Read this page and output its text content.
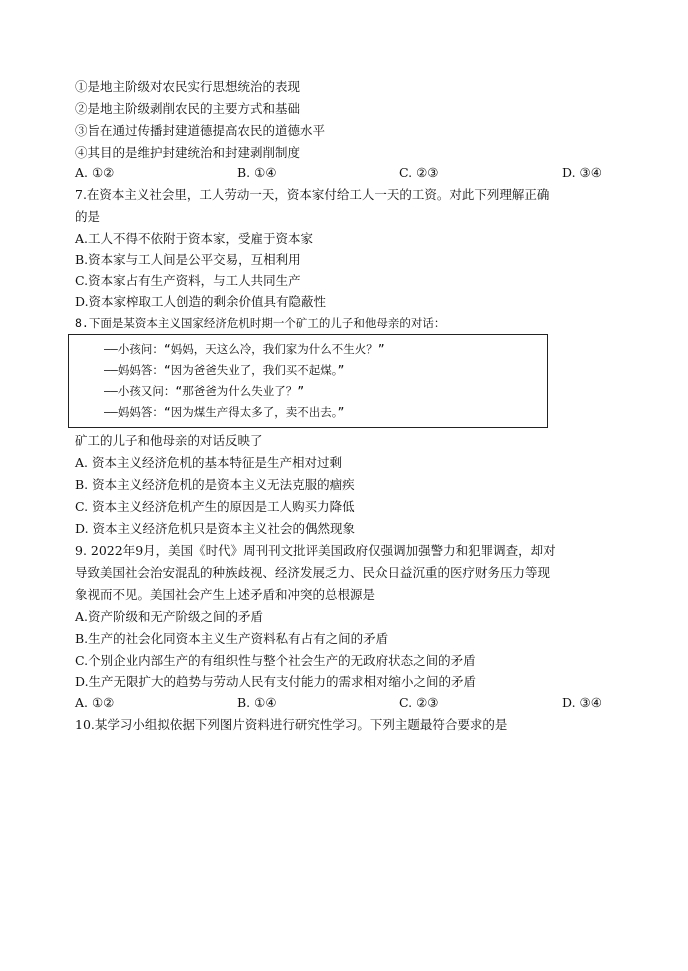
①是地主阶级对农民实行思想统治的表现
②是地主阶级剥削农民的主要方式和基础
③旨在通过传播封建道德提高农民的道德水平
④其目的是维护封建统治和封建剥削制度
A. ①②	B. ①④	C. ②③	D. ③④
7.在资本主义社会里，工人劳动一天，资本家付给工人一天的工资。对此下列理解正确
的是
A.工人不得不依附于资本家，受雇于资本家
B.资本家与工人间是公平交易，互相利用
C.资本家占有生产资料，与工人共同生产
D.资本家榨取工人创造的剩余价值具有隐蔽性
8.下面是某资本主义国家经济危机时期一个矿工的儿子和他母亲的对话：
——小孩问：“妈妈，天这么冷，我们家为什么不生火？”
——妈妈答：“因为爸爸失业了，我们买不起煤。”
——小孩又问：“那爸爸为什么失业了？”
——妈妈答：“因为煤生产得太多了，卖不出去。”
矿工的儿子和他母亲的对话反映了
A. 资本主义经济危机的基本特征是生产相对过剩
B. 资本主义经济危机的是资本主义无法克服的痼疾
C. 资本主义经济危机产生的原因是工人购买力降低
D. 资本主义经济危机只是资本主义社会的偶然现象
9. 2022年9月，美国《时代》周刊刊文批评美国政府仅强调加强警力和犯罪调查，却对
导致美国社会治安混乱的种族歧视、经济发展乏力、民众日益沉重的医疗财务压力等现
象视而不见。美国社会产生上述矛盾和冲突的总根源是
A.资产阶级和无产阶级之间的矛盾
B.生产的社会化同资本主义生产资料私有占有之间的矛盾
C.个别企业内部生产的有组织性与整个社会生产的无政府状态之间的矛盾
D.生产无限扩大的趋势与劳动人民有支付能力的需求相对缩小之间的矛盾
A. ①②	B. ①④	C. ②③	D. ③④
10.某学习小组拟依据下列图片资料进行研究性学习。下列主题最符合要求的是
